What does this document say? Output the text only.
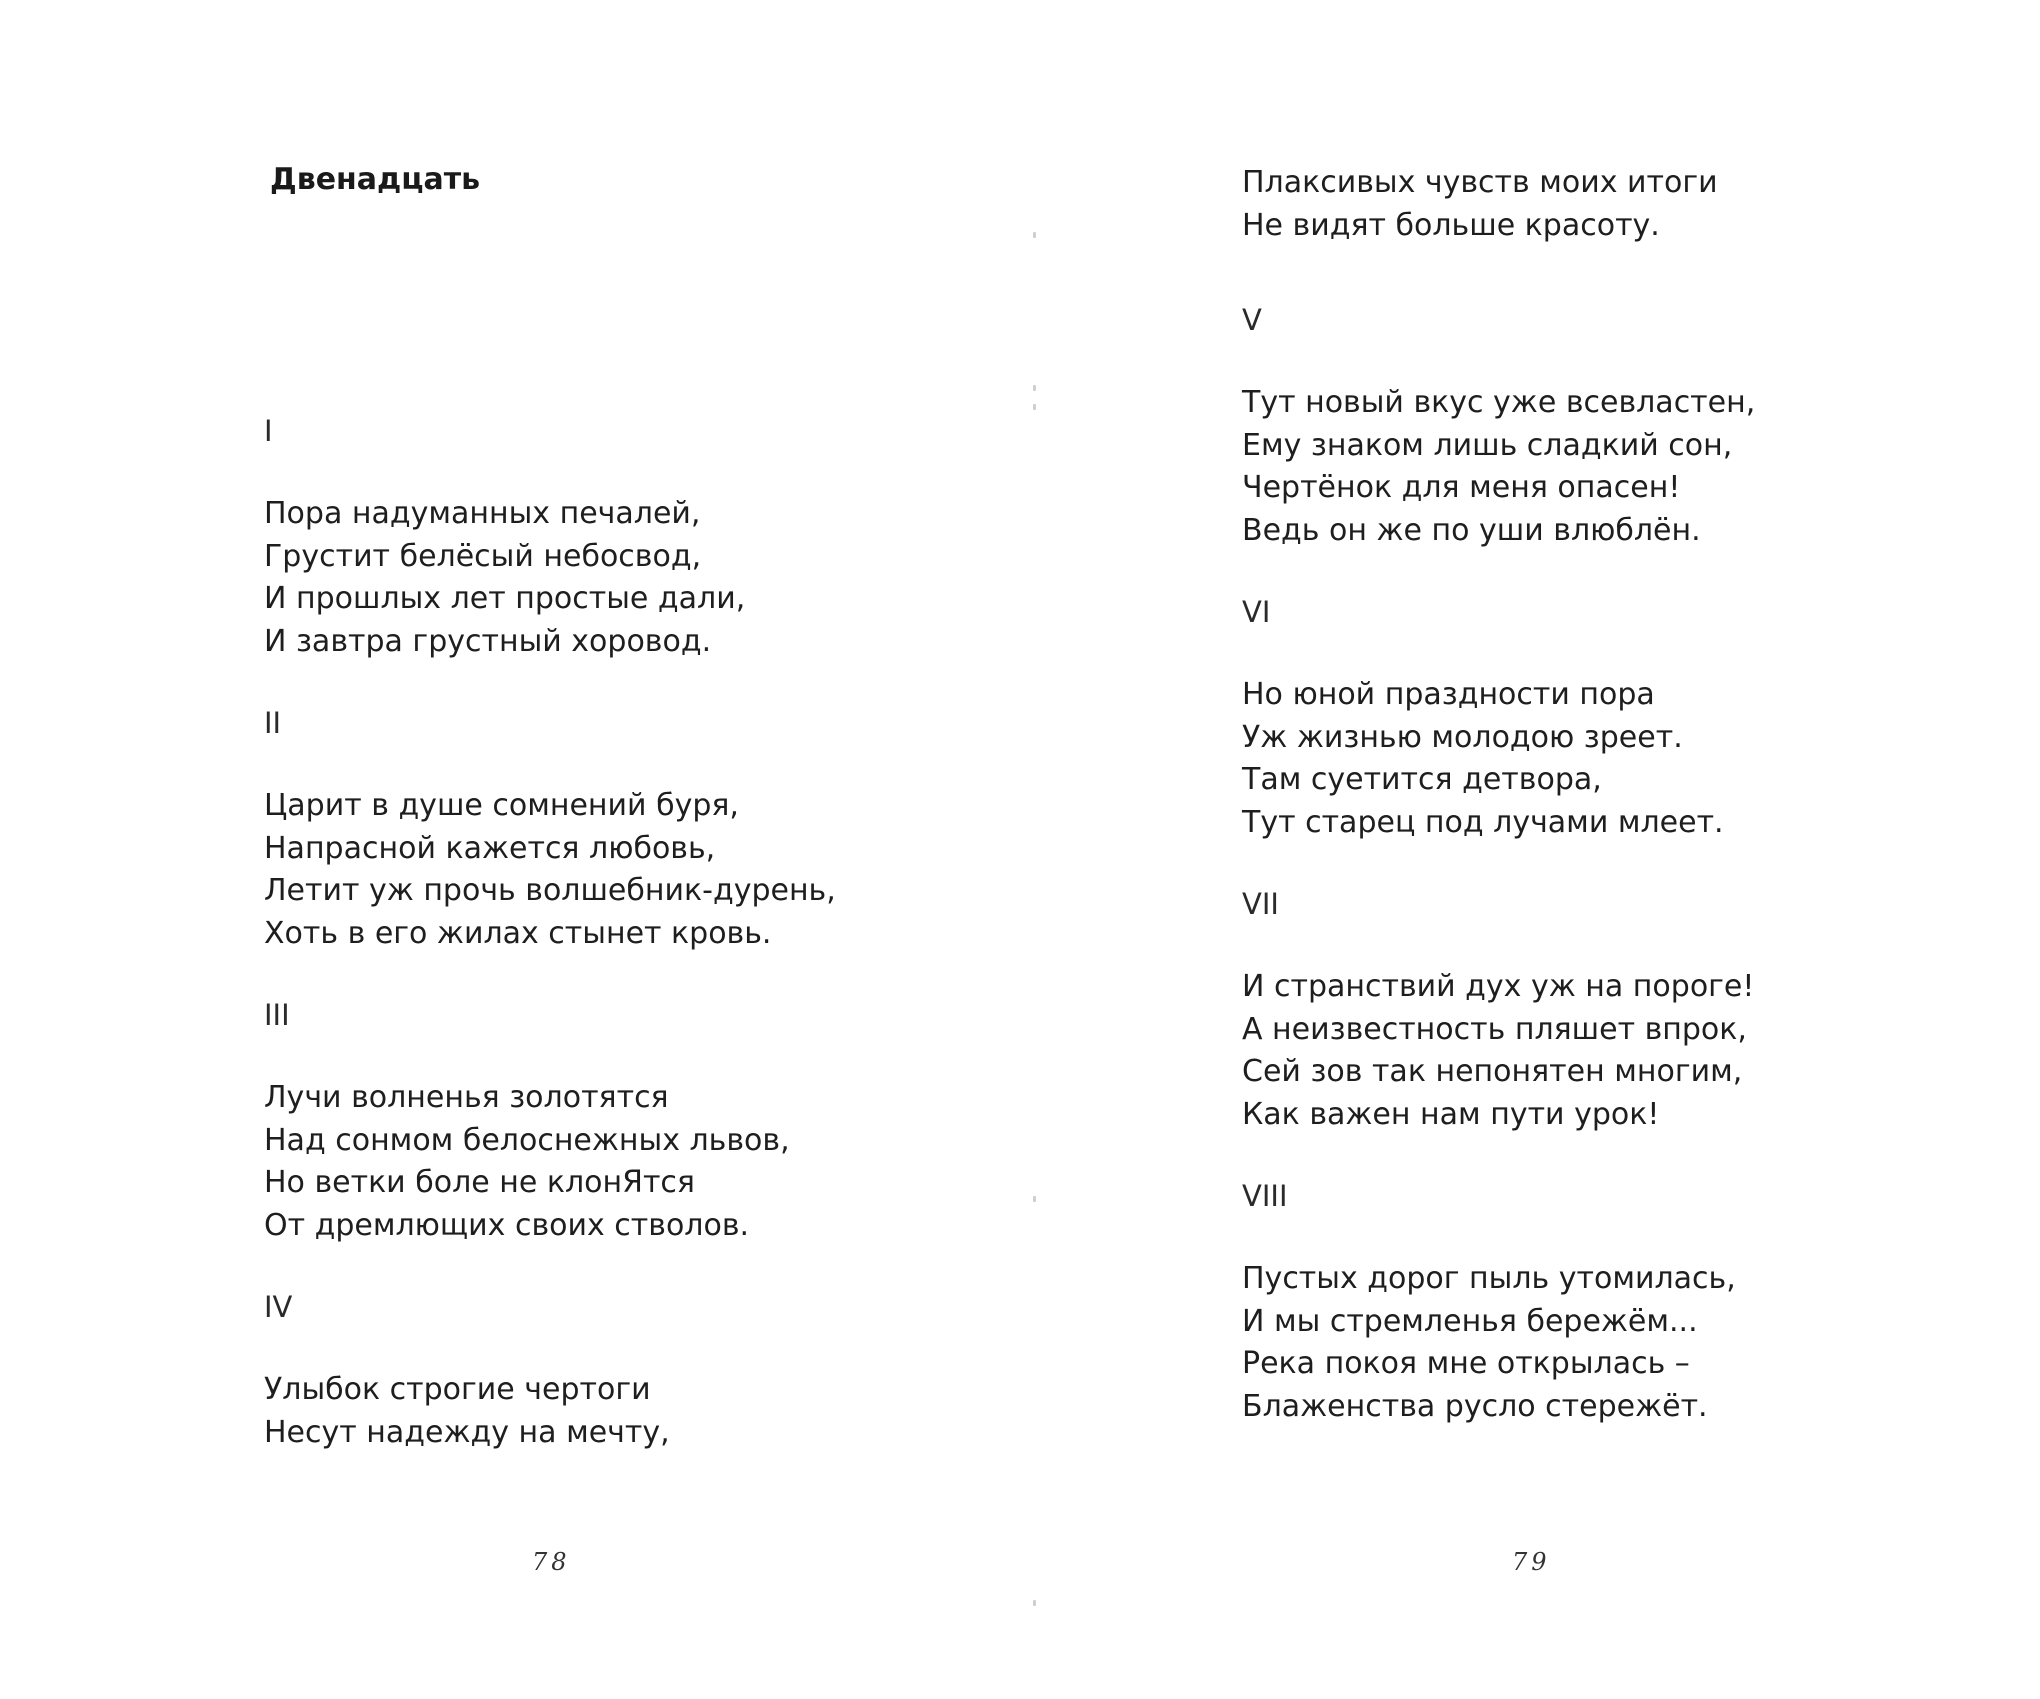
Двенадцать
I
Пора надуманных печалей,
Грустит белёсый небосвод,
И прошлых лет простые дали,
И завтра грустный хоровод.
II
Царит в душе сомнений буря,
Напрасной кажется любовь,
Летит уж прочь волшебник-дурень,
Хоть в его жилах стынет кровь.
III
Лучи волненья золотятся
Над сонмом белоснежных львов,
Но ветки боле не клонЯтся
От дремлющих своих стволов.
IV
Улыбок строгие чертоги
Несут надежду на мечту,
78
Плаксивых чувств моих итоги
Не видят больше красоту.
V
Тут новый вкус уже всевластен,
Ему знаком лишь сладкий сон,
Чертёнок для меня опасен!
Ведь он же по уши влюблён.
VI
Но юной праздности пора
Уж жизнью молодою зреет.
Там суетится детвора,
Тут старец под лучами млеет.
VII
И странствий дух уж на пороге!
А неизвестность пляшет впрок,
Сей зов так непонятен многим,
Как важен нам пути урок!
VIII
Пустых дорог пыль утомилась,
И мы стремленья бережём...
Река покоя мне открылась –
Блаженства русло стережёт.
79
